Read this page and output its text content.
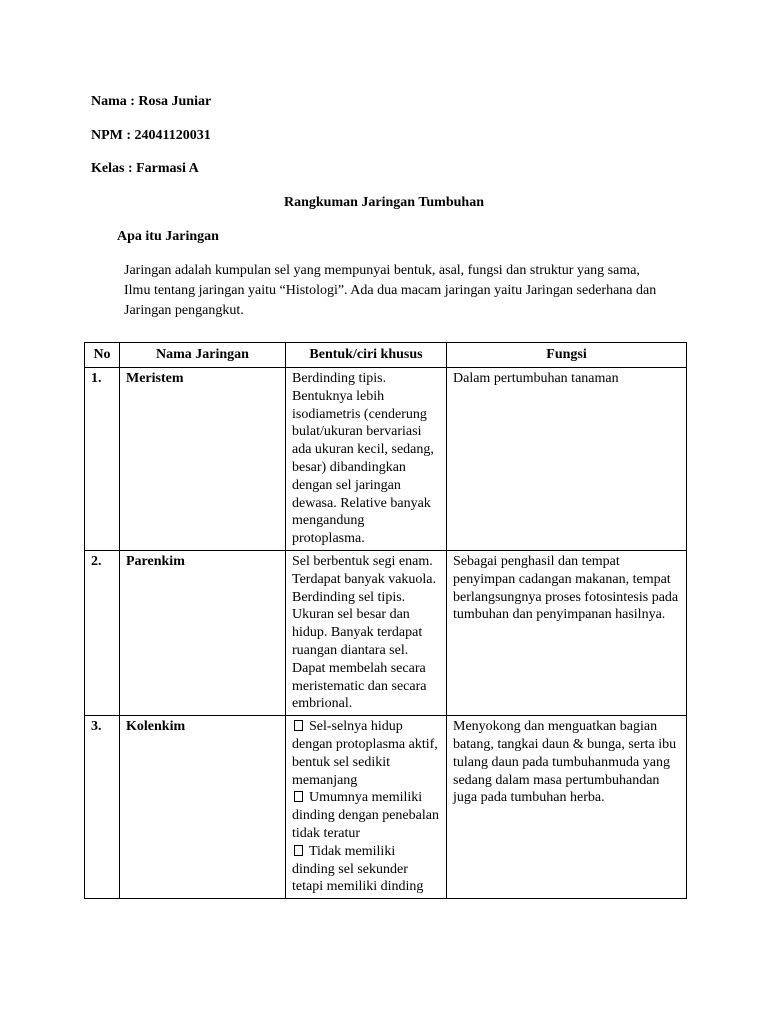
Nama : Rosa Juniar
NPM : 24041120031
Kelas : Farmasi A
Rangkuman Jaringan Tumbuhan
Apa itu Jaringan
Jaringan adalah kumpulan sel yang mempunyai bentuk, asal, fungsi dan struktur yang sama, Ilmu tentang jaringan yaitu “Histologi”. Ada dua macam jaringan yaitu Jaringan sederhana dan Jaringan pengangkut.
No	Nama Jaringan	Bentuk/ciri khusus	Fungsi
1.	Meristem	Berdinding tipis. Bentuknya lebih isodiametris (cenderung bulat/ukuran bervariasi ada ukuran kecil, sedang, besar) dibandingkan dengan sel jaringan dewasa. Relative banyak mengandung protoplasma.	Dalam pertumbuhan tanaman
2.	Parenkim	Sel berbentuk segi enam. Terdapat banyak vakuola. Berdinding sel tipis. Ukuran sel besar dan hidup. Banyak terdapat ruangan diantara sel. Dapat membelah secara meristematic dan secara embrional.	Sebagai penghasil dan tempat penyimpan cadangan makanan, tempat berlangsungnya proses fotosintesis pada tumbuhan dan penyimpanan hasilnya.
3.	Kolenkim	Sel-selnya hidup dengan protoplasma aktif, bentuk sel sedikit memanjang
Umumnya memiliki dinding dengan penebalan tidak teratur
Tidak memiliki dinding sel sekunder tetapi memiliki dinding	Menyokong dan menguatkan bagian batang, tangkai daun & bunga, serta ibu tulang daun pada tumbuhanmuda yang sedang dalam masa pertumbuhandan juga pada tumbuhan herba.
